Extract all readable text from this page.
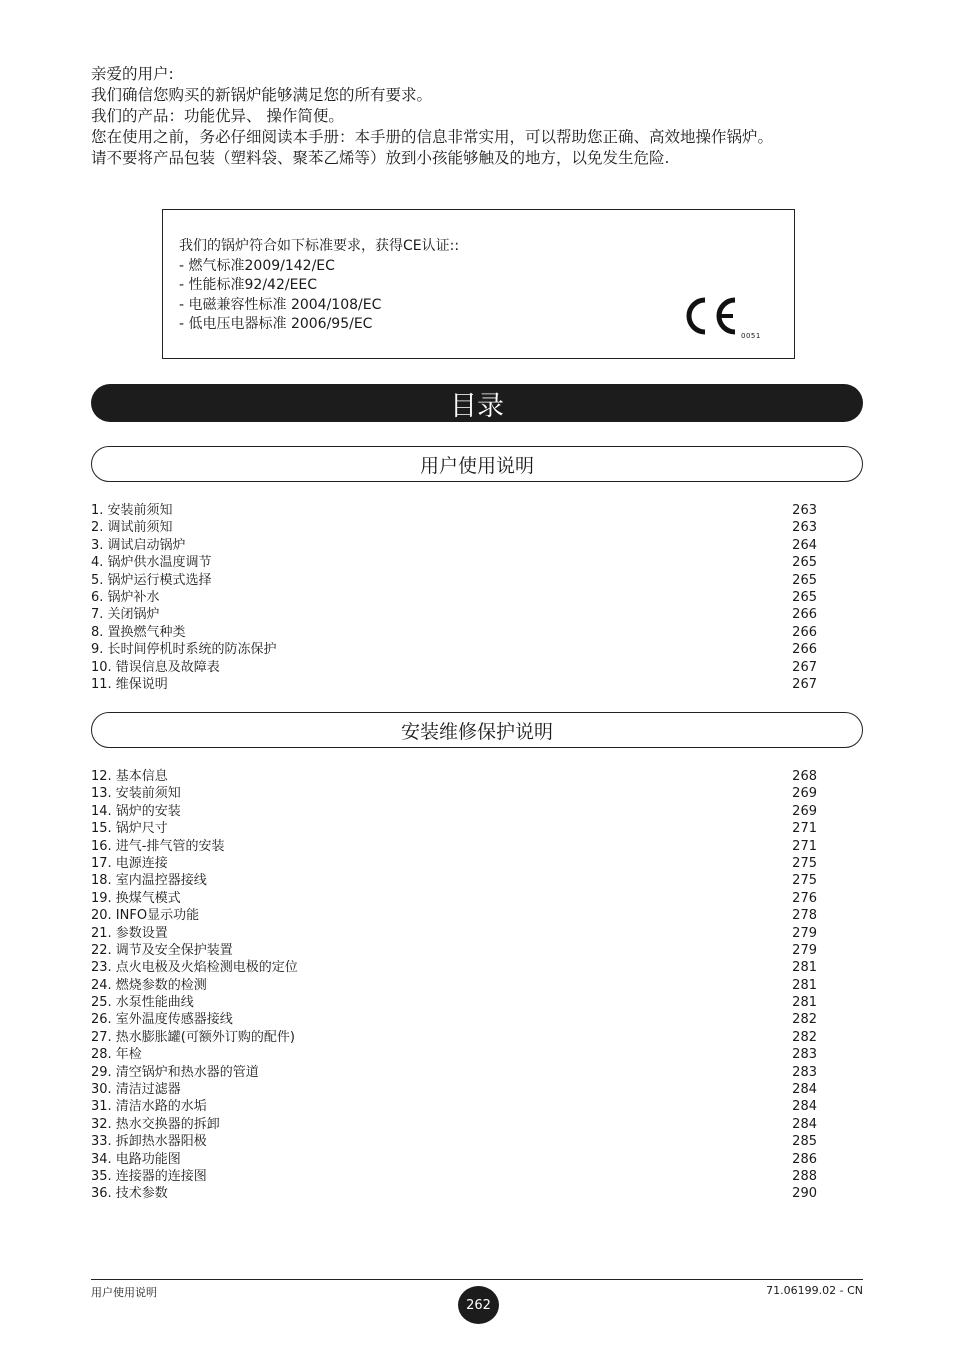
亲爱的用户:

我们确信您购买的新锅炉能够满足您的所有要求。

我们的产品：功能优异、 操作简便。

您在使用之前，务必仔细阅读本手册：本手册的信息非常实用，可以帮助您正确、高效地操作锅炉。

请不要将产品包装（塑料袋、聚苯乙烯等）放到小孩能够触及的地方，以免发生危险.

我们的锅炉符合如下标准要求，获得CE认证::
- 燃气标准2009/142/EC
- 性能标准92/42/EEC
- 电磁兼容性标准 2004/108/EC
- 低电压电器标准 2006/95/EC
0051
目录
用户使用说明
1. 安装前须知	263
2. 调试前须知	263
3. 调试启动锅炉	264
4. 锅炉供水温度调节	265
5. 锅炉运行模式选择	265
6. 锅炉补水	265
7. 关闭锅炉	266
8. 置换燃气种类	266
9. 长时间停机时系统的防冻保护	266
10. 错误信息及故障表	267
11. 维保说明	267
安装维修保护说明
12. 基本信息	268
13. 安装前须知	269
14. 锅炉的安装	269
15. 锅炉尺寸	271
16. 进气-排气管的安装	271
17. 电源连接	275
18. 室内温控器接线	275
19. 换煤气模式	276
20. INFO显示功能	278
21. 参数设置	279
22. 调节及安全保护装置	279
23. 点火电极及火焰检测电极的定位	281
24. 燃烧参数的检测	281
25. 水泵性能曲线	281
26. 室外温度传感器接线	282
27. 热水膨胀罐(可额外订购的配件)	282
28. 年检	283
29. 清空锅炉和热水器的管道	283
30. 清洁过滤器	284
31. 清洁水路的水垢	284
32. 热水交换器的拆卸	284
33. 拆卸热水器阳极	285
34. 电路功能图	286
35. 连接器的连接图	288
36. 技术参数	290
用户使用说明
262
71.06199.02 - CN
